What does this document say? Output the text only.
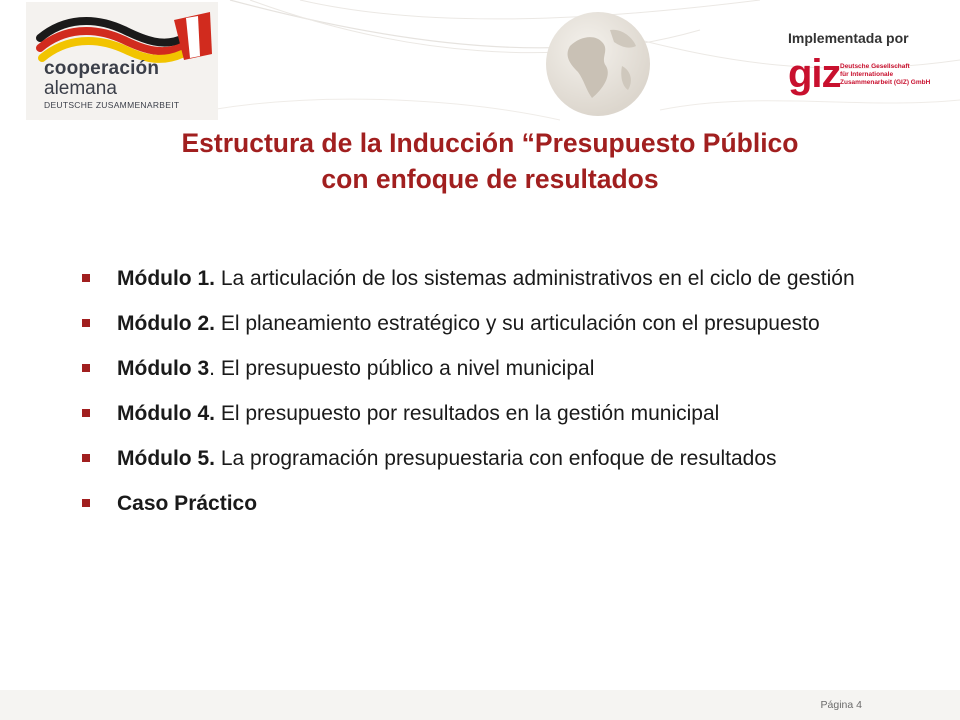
cooperación
alemana
DEUTSCHE ZUSAMMENARBEIT
Implementada por
giz Deutsche Gesellschaft
für Internationale
Zusammenarbeit (GIZ) GmbH
Estructura de la Inducción “Presupuesto Público
con enfoque de resultados
Módulo 1. La articulación de los sistemas administrativos en el ciclo de gestión
Módulo 2. El planeamiento estratégico y su articulación con el presupuesto
Módulo 3. El presupuesto público a nivel municipal
Módulo 4. El presupuesto por resultados en la gestión municipal
Módulo 5. La programación presupuestaria con enfoque de resultados
Caso Práctico
Página 4
